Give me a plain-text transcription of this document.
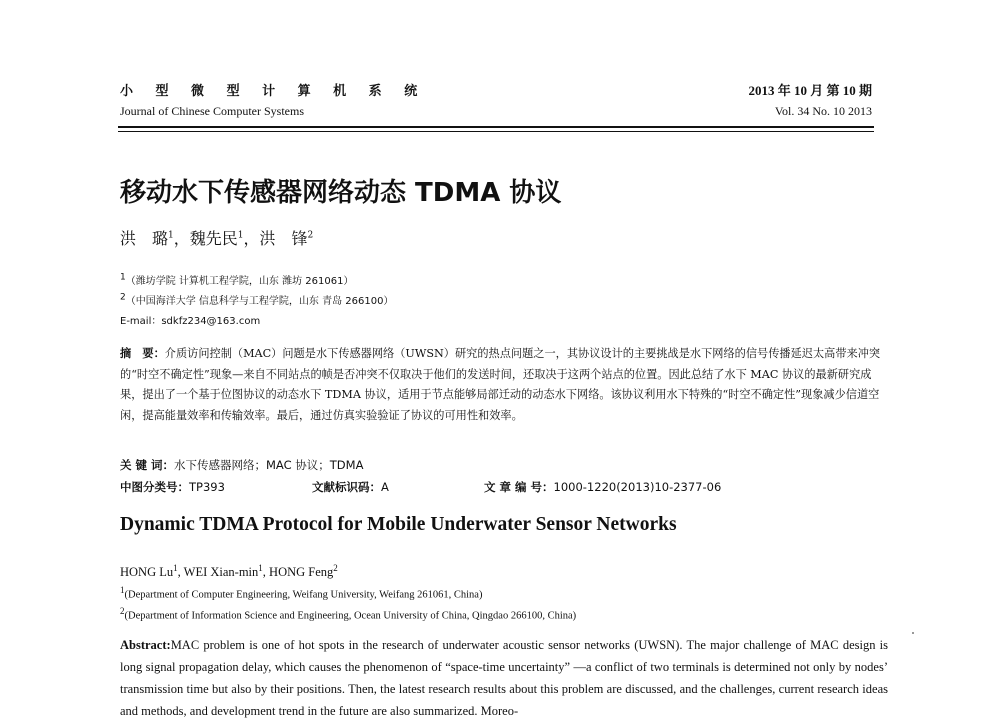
小 型 微 型 计 算 机 系 统
Journal of Chinese Computer Systems
2013 年 10 月 第 10 期
Vol. 34 No. 10 2013
移动水下传感器网络动态 TDMA 协议
洪　璐$^1$，魏先民$^1$，洪　锋$^2$
$^1$（潍坊学院 计算机工程学院，山东 潍坊 261061）
$^2$（中国海洋大学 信息科学与工程学院，山东 青岛 266100）
E-mail：sdkfz234@163.com
摘　要：介质访问控制（MAC）问题是水下传感器网络（UWSN）研究的热点问题之一，其协议设计的主要挑战是水下网络的信号传播延迟太高带来冲突的“时空不确定性”现象—来自不同站点的帧是否冲突不仅取决于他们的发送时间，还取决于这两个站点的位置。因此总结了水下 MAC 协议的最新研究成果，提出了一个基于位图协议的动态水下 TDMA 协议，适用于节点能够局部迁动的动态水下网络。该协议利用水下特殊的“时空不确定性”现象减少信道空闲，提高能量效率和传输效率。最后，通过仿真实验验证了协议的可用性和效率。
关 键 词：水下传感器网络；MAC 协议；TDMA
中图分类号：TP393	文献标识码：A	文 章 编 号：1000-1220(2013)10-2377-06
Dynamic TDMA Protocol for Mobile Underwater Sensor Networks
HONG Lu$^1$, WEI Xian-$\min^1$, HONG Feng$^2$
$^1$(Department of Computer Engineering, Weifang University, Weifang 261061, China)
$^2$(Department of Information Science and Engineering, Ocean University of China, Qingdao 266100, China)
Abstract:MAC problem is one of hot spots in the research of underwater acoustic sensor networks (UWSN). The major challenge of MAC design is long signal propagation delay, which causes the phenomenon of “space-time uncertainty” —a conflict of two terminals is determined not only by nodes’ transmission time but also by their positions. Then, the latest research results about this problem are discussed, and the challenges, current research ideas and methods, and development trend in the future are also summarized. Moreo-
